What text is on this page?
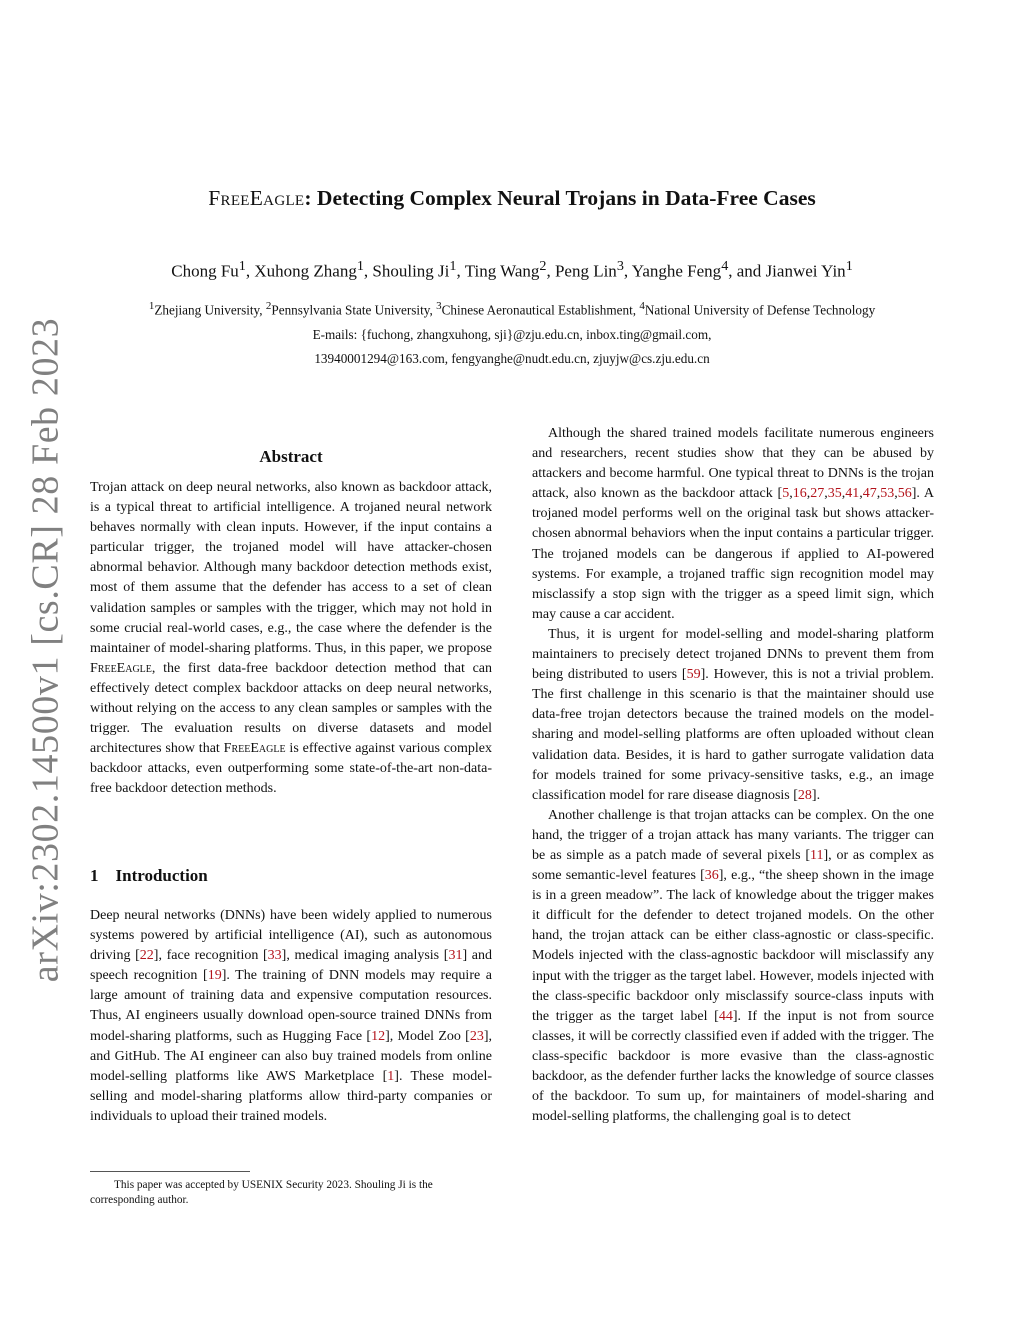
arXiv:2302.14500v1 [cs.CR] 28 Feb 2023
FreeEagle: Detecting Complex Neural Trojans in Data-Free Cases
Chong Fu$^1$, Xuhong Zhang$^1$, Shouling Ji$^1$, Ting Wang$^2$, Peng Lin$^3$, Yanghe Feng$^4$, and Jianwei Yin$^1$
$^1$Zhejiang University, $^2$Pennsylvania State University, $^3$Chinese Aeronautical Establishment, $^4$National University of Defense Technology
E-mails: {fuchong, zhangxuhong, sji}@zju.edu.cn, inbox.ting@gmail.com,
13940001294@163.com, fengyanghe@nudt.edu.cn, zjuyjw@cs.zju.edu.cn
Abstract

Trojan attack on deep neural networks, also known as backdoor attack, is a typical threat to artificial intelligence. A trojaned neural network behaves normally with clean inputs. However, if the input contains a particular trigger, the trojaned model will have attacker-chosen abnormal behavior. Although many backdoor detection methods exist, most of them assume that the defender has access to a set of clean validation samples or samples with the trigger, which may not hold in some crucial real-world cases, e.g., the case where the defender is the maintainer of model-sharing platforms. Thus, in this paper, we propose FreeEagle, the first data-free backdoor detection method that can effectively detect complex backdoor attacks on deep neural networks, without relying on the access to any clean samples or samples with the trigger. The evaluation results on diverse datasets and model architectures show that FreeEagle is effective against various complex backdoor attacks, even outperforming some state-of-the-art non-data-free backdoor detection methods.

1 Introduction

Deep neural networks (DNNs) have been widely applied to numerous systems powered by artificial intelligence (AI), such as autonomous driving [22], face recognition [33], medical imaging analysis [31] and speech recognition [19]. The training of DNN models may require a large amount of training data and expensive computation resources. Thus, AI engineers usually download open-source trained DNNs from model-sharing platforms, such as Hugging Face [12], Model Zoo [23], and GitHub. The AI engineer can also buy trained models from online model-selling platforms like AWS Marketplace [1]. These model-selling and model-sharing platforms allow third-party companies or individuals to upload their trained models.

Although the shared trained models facilitate numerous engineers and researchers, recent studies show that they can be abused by attackers and become harmful. One typical threat to DNNs is the trojan attack, also known as the backdoor attack [5,16,27,35,41,47,53,56]. A trojaned model performs well on the original task but shows attacker-chosen abnormal behaviors when the input contains a particular trigger. The trojaned models can be dangerous if applied to AI-powered systems. For example, a trojaned traffic sign recognition model may misclassify a stop sign with the trigger as a speed limit sign, which may cause a car accident.

Thus, it is urgent for model-selling and model-sharing platform maintainers to precisely detect trojaned DNNs to prevent them from being distributed to users [59]. However, this is not a trivial problem. The first challenge in this scenario is that the maintainer should use data-free trojan detectors because the trained models on the model-sharing and model-selling platforms are often uploaded without clean validation data. Besides, it is hard to gather surrogate validation data for models trained for some privacy-sensitive tasks, e.g., an image classification model for rare disease diagnosis [28].

Another challenge is that trojan attacks can be complex. On the one hand, the trigger of a trojan attack has many variants. The trigger can be as simple as a patch made of several pixels [11], or as complex as some semantic-level features [36], e.g., “the sheep shown in the image is in a green meadow”. The lack of knowledge about the trigger makes it difficult for the defender to detect trojaned models. On the other hand, the trojan attack can be either class-agnostic or class-specific. Models injected with the class-agnostic backdoor will misclassify any input with the trigger as the target label. However, models injected with the class-specific backdoor only misclassify source-class inputs with the trigger as the target label [44]. If the input is not from source classes, it will be correctly classified even if added with the trigger. The class-specific backdoor is more evasive than the class-agnostic backdoor, as the defender further lacks the knowledge of source classes of the backdoor. To sum up, for maintainers of model-sharing and model-selling platforms, the challenging goal is to detect

This paper was accepted by USENIX Security 2023. Shouling Ji is the
corresponding author.
